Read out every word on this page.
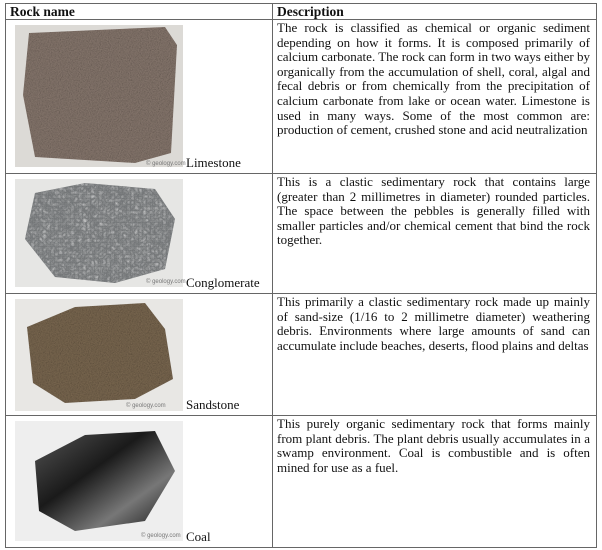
Rock name	Description

© geology.com Limestone	The rock is classified as chemical or organic sediment depending on how it forms. It is composed primarily of calcium carbonate. The rock can form in two ways either by organically from the accumulation of shell, coral, algal and fecal debris or from chemically from the precipitation of calcium carbonate from lake or ocean water. Limestone is used in many ways. Some of the most common are: production of cement, crushed stone and acid neutralization

© geology.com Conglomerate	This is a clastic sedimentary rock that contains large (greater than 2 millimetres in diameter) rounded particles. The space between the pebbles is generally filled with smaller particles and/or chemical cement that bind the rock together.

© geology.com Sandstone	This primarily a clastic sedimentary rock made up mainly of sand-size (1/16 to 2 millimetre diameter) weathering debris. Environments where large amounts of sand can accumulate include beaches, deserts, flood plains and deltas

© geology.com Coal	This purely organic sedimentary rock that forms mainly from plant debris. The plant debris usually accumulates in a swamp environment. Coal is combustible and is often mined for use as a fuel.
